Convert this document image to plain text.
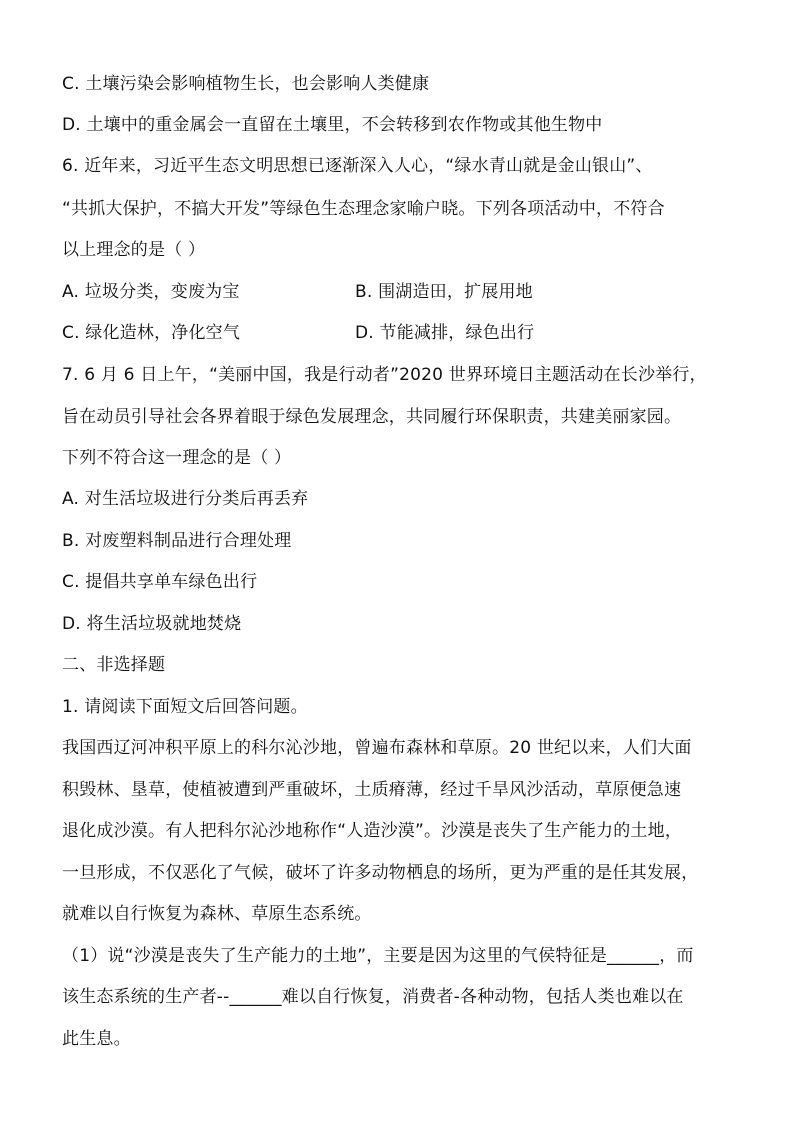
C. 土壤污染会影响植物生长，也会影响人类健康
D. 土壤中的重金属会一直留在土壤里，不会转移到农作物或其他生物中
6. 近年来，习近平生态文明思想已逐渐深入人心，“绿水青山就是金山银山”、
“共抓大保护，不搞大开发”等绿色生态理念家喻户晓。下列各项活动中，不符合
以上理念的是（ ）
A. 垃圾分类，变废为宝	B. 围湖造田，扩展用地
C. 绿化造林，净化空气	D. 节能减排，绿色出行
7. 6 月 6 日上午，“美丽中国，我是行动者”2020 世界环境日主题活动在长沙举行，
旨在动员引导社会各界着眼于绿色发展理念，共同履行环保职责，共建美丽家园。
下列不符合这一理念的是（ ）
A. 对生活垃圾进行分类后再丢弃
B. 对废塑料制品进行合理处理
C. 提倡共享单车绿色出行
D. 将生活垃圾就地焚烧
二、非选择题
1. 请阅读下面短文后回答问题。
我国西辽河冲积平原上的科尔沁沙地，曾遍布森林和草原。20 世纪以来，人们大面
积毁林、垦草，使植被遭到严重破坏，土质瘠薄，经过千旱风沙活动，草原便急速
退化成沙漠。有人把科尔沁沙地称作“人造沙漠”。沙漠是丧失了生产能力的土地，
一旦形成，不仅恶化了气候，破坏了许多动物栖息的场所，更为严重的是任其发展，
就难以自行恢复为森林、草原生态系统。
（1）说“沙漠是丧失了生产能力的土地”，主要是因为这里的气侯特征是______，而
该生态系统的生产者--______难以自行恢复，消费者-各种动物，包括人类也难以在
此生息。
